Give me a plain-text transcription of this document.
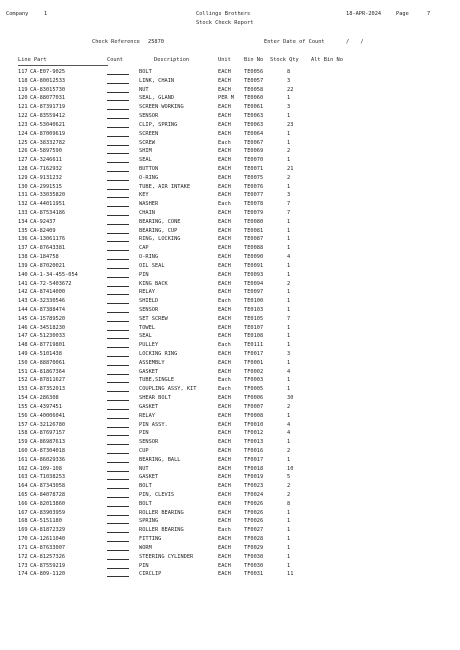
Company	1	Collings Brothers
Stock Check Report
18-APR-2024	Page	7
Check Reference 25870	Enter Date of Count	/ /
Line Part	Count	Description	Unit Bin No Stock Qty Alt Bin No
117 CA-E07-9025	BOLT	EACH TE0056	8
118 CA-80012533	LINK, CHAIN	EACH TE0057	3
119 CA-83015730	NUT	EACH TE0058	22
120 CA-88077031	SEAL, GLAND	PER M TE0060	1
121 CA-87391719	SCREEN WORKING	EACH TE0061	3
122 CA-83559412	SENSOR	EACH TE0063	1
123 CA-53040621	CLIP, SPRING	EACH TE0063	23
124 CA-87009619	SCREEN	EACH TE0064	1
125 CA-38332782	SCREW	Each TE0067	1
126 CA-5897590	SHIM	EACH TE0069	2
127 CA-3246611	SEAL	EACH TE0070	1
128 CA-7162932	BUTTON	EACH TE0071	21
129 CA-9131232	O-RING	EACH TE0075	2
130 CA-2991515	TUBE, AIR INTAKE	EACH TE0076	1
131 CA-33035820	KEY	EACH TE0077	3
132 CA-44011951	WASHER	Each TE0078	7
133 CA-87534186	CHAIN	EACH TE0079	7
134 CA-92437	BEARING, CONE	EACH TE0080	1
135 CA-82409	BEARING, CUP	EACH TE0081	1
136 CA-13061176	RING, LOCKING	EACH TE0087	1
137 CA-87643381	CAP	EACH TE0088	1
138 CA-184758	O-RING	EACH TE0090	4
139 CA-87020021	OIL SEAL	EACH TE0091	1
140 CA-1-34-455-054	PIN	EACH TE0093	1
141 CA-72-5403672	KING BACK	EACH TE0094	2
142 CA-87414000	RELAY	EACH TE0097	1
143 CA-32330546	SHIELD	Each TE0100	1
144 CA-87388474	SENSOR	EACH TE0103	1
145 CA-15789520	SET SCREW	EACH TE0105	7
146 CA-34518230	TOWEL	EACH TE0107	1
147 CA-51230033	SEAL	EACH TE0108	1
148 CA-87719801	PULLEY	Each TE0111	1
149 CA-5101438	LOCKING RING	EACH TF0017	3
150 CA-88870061	ASSEMBLY	EACH TF0001	1
151 CA-81867364	GASKET	EACH TF0002	4
152 CA-87811627	TUBE,SINGLE	Each TF0003	1
153 CA-87352013	COUPLING ASSY, KIT	Each TF0005	1
154 CA-286308	SHEAR BOLT	EACH TF0006	30
155 CA-4397451	GASKET	EACH TF0007	2
156 CA-40006041	RELAY	EACH TF0008	1
157 CA-32126780	PIN ASSY.	EACH TF0010	4
158 CA-87697157	PIN	EACH TF0012	4
159 CA-86987613	SENSOR	EACH TF0013	1
160 CA-87304018	CUP	EACH TF0016	2
161 CA-86029336	BEARING, BALL	EACH TF0017	1
162 CA-109-108	NUT	EACH TF0018	10
163 CA-T1038253	GASKET	EACH TF0019	5
164 CA-87343058	BOLT	EACH TF0023	2
165 CA-84078728	PIN, CLEVIS	EACH TF0024	2
166 CA-82013860	BOLT	EACH TF0026	8
167 CA-83903959	ROLLER BEARING	EACH TF0026	1
168 CA-5151180	SPRING	EACH TF0026	1
169 CA-81872329	ROLLER BEARING	Each TF0027	1
170 CA-12611040	FITTING	EACH TF0028	1
171 CA-87633007	WORM	EACH TF0029	1
172 CA-81257326	STEERING CYLINDER	EACH TF0030	1
173 CA-87559219	PIN	EACH TF0030	1
174 CA-809-1120	CIRCLIP	EACH TF0031	11
